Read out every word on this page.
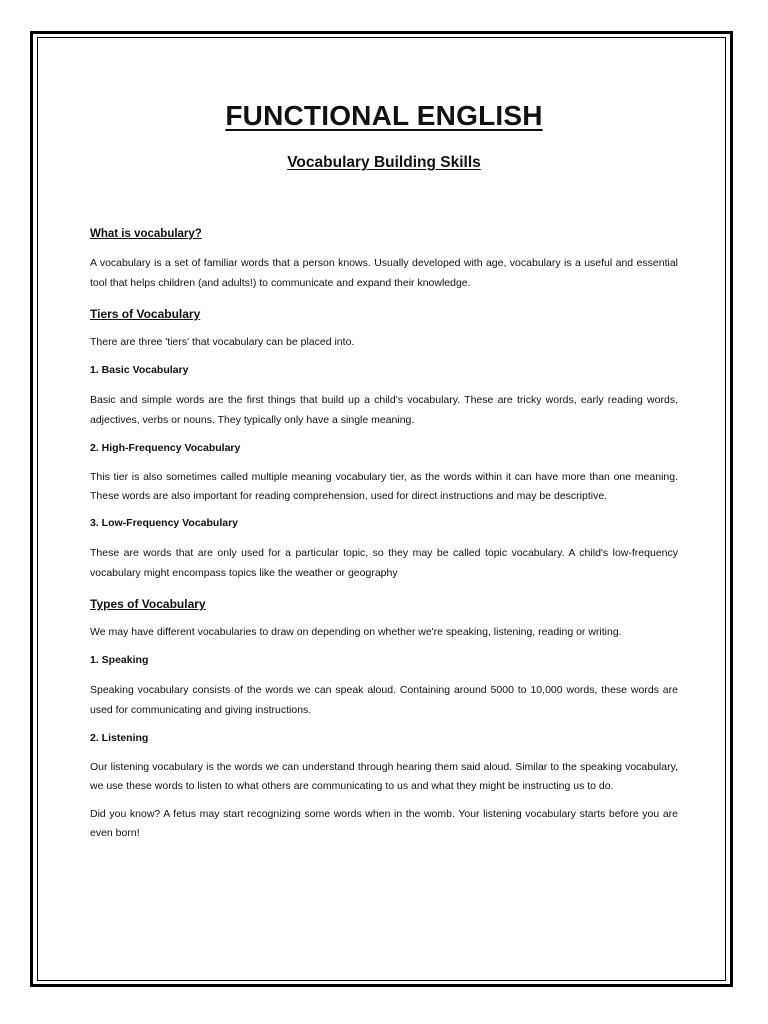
FUNCTIONAL ENGLISH
Vocabulary Building Skills
What is vocabulary?

A vocabulary is a set of familiar words that a person knows. Usually developed with age, vocabulary is a useful and essential tool that helps children (and adults!) to communicate and expand their knowledge.

Tiers of Vocabulary

There are three 'tiers' that vocabulary can be placed into.

1. Basic Vocabulary

Basic and simple words are the first things that build up a child's vocabulary. These are tricky words, early reading words, adjectives, verbs or nouns. They typically only have a single meaning.

2. High-Frequency Vocabulary

This tier is also sometimes called multiple meaning vocabulary tier, as the words within it can have more than one meaning. These words are also important for reading comprehension, used for direct instructions and may be descriptive.

3. Low-Frequency Vocabulary

These are words that are only used for a particular topic, so they may be called topic vocabulary. A child's low-frequency vocabulary might encompass topics like the weather or geography

Types of Vocabulary

We may have different vocabularies to draw on depending on whether we're speaking, listening, reading or writing.

1. Speaking

Speaking vocabulary consists of the words we can speak aloud. Containing around 5000 to 10,000 words, these words are used for communicating and giving instructions.

2. Listening

Our listening vocabulary is the words we can understand through hearing them said aloud. Similar to the speaking vocabulary, we use these words to listen to what others are communicating to us and what they might be instructing us to do.

Did you know? A fetus may start recognizing some words when in the womb. Your listening vocabulary starts before you are even born!
